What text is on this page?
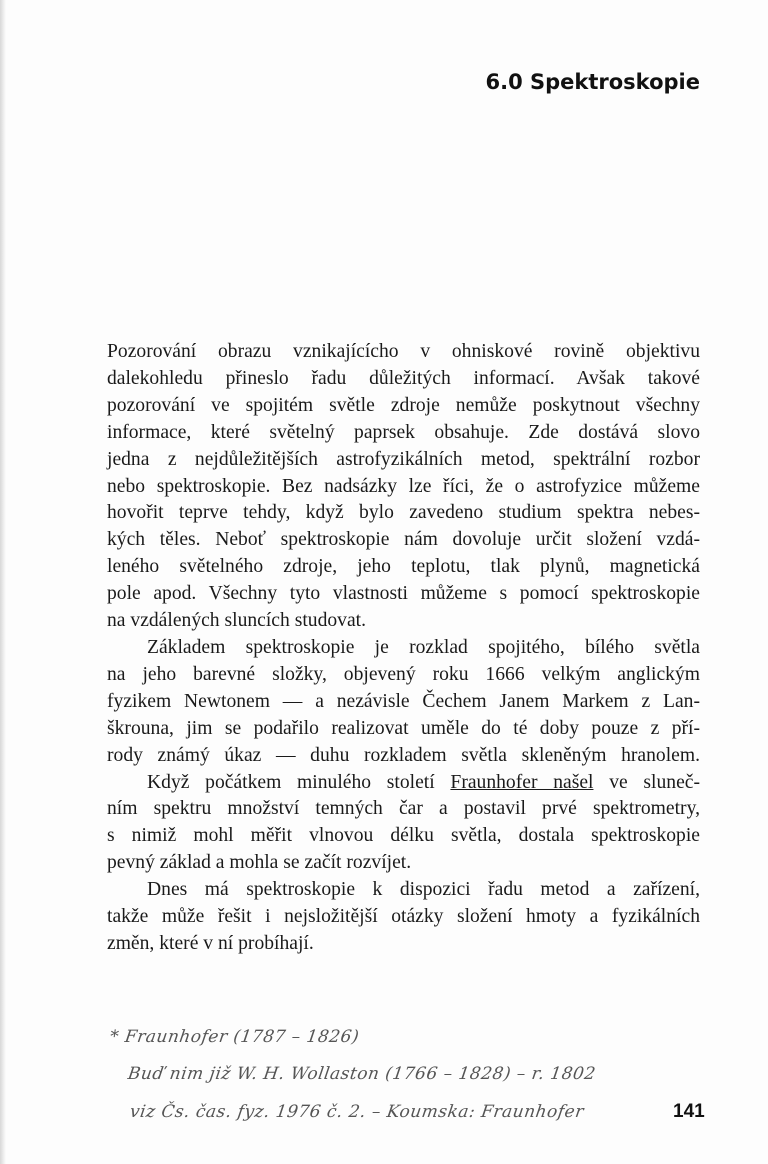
6.0 Spektroskopie
Pozorování obrazu vznikajícícho v ohniskové rovině objektivu
dalekohledu přineslo řadu důležitých informací. Avšak takové
pozorování ve spojitém světle zdroje nemůže poskytnout všechny
informace, které světelný paprsek obsahuje. Zde dostává slovo
jedna z nejdůležitějších astrofyzikálních metod, spektrální rozbor
nebo spektroskopie. Bez nadsázky lze říci, že o astrofyzice můžeme
hovořit teprve tehdy, když bylo zavedeno studium spektra nebes-
kých těles. Neboť spektroskopie nám dovoluje určit složení vzdá-
leného světelného zdroje, jeho teplotu, tlak plynů, magnetická
pole apod. Všechny tyto vlastnosti můžeme s pomocí spektroskopie
na vzdálených sluncích studovat.
Základem spektroskopie je rozklad spojitého, bílého světla
na jeho barevné složky, objevený roku 1666 velkým anglickým
fyzikem Newtonem — a nezávisle Čechem Janem Markem z Lan-
škrouna, jim se podařilo realizovat uměle do té doby pouze z pří-
rody známý úkaz — duhu rozkladem světla skleněným hranolem.
Když počátkem minulého století Fraunhofer našel ve sluneč-
ním spektru množství temných čar a postavil prvé spektrometry,
s nimiž mohl měřit vlnovou délku světla, dostala spektroskopie
pevný základ a mohla se začít rozvíjet.
Dnes má spektroskopie k dispozici řadu metod a zařízení,
takže může řešit i nejsložitější otázky složení hmoty a fyzikálních
změn, které v ní probíhají.
* Fraunhofer (1787 – 1826)
Buď nim již W. H. Wollaston (1766 – 1828) – r. 1802
viz Čs. čas. fyz. 1976 č. 2. – Koumska: Fraunhofer	141
